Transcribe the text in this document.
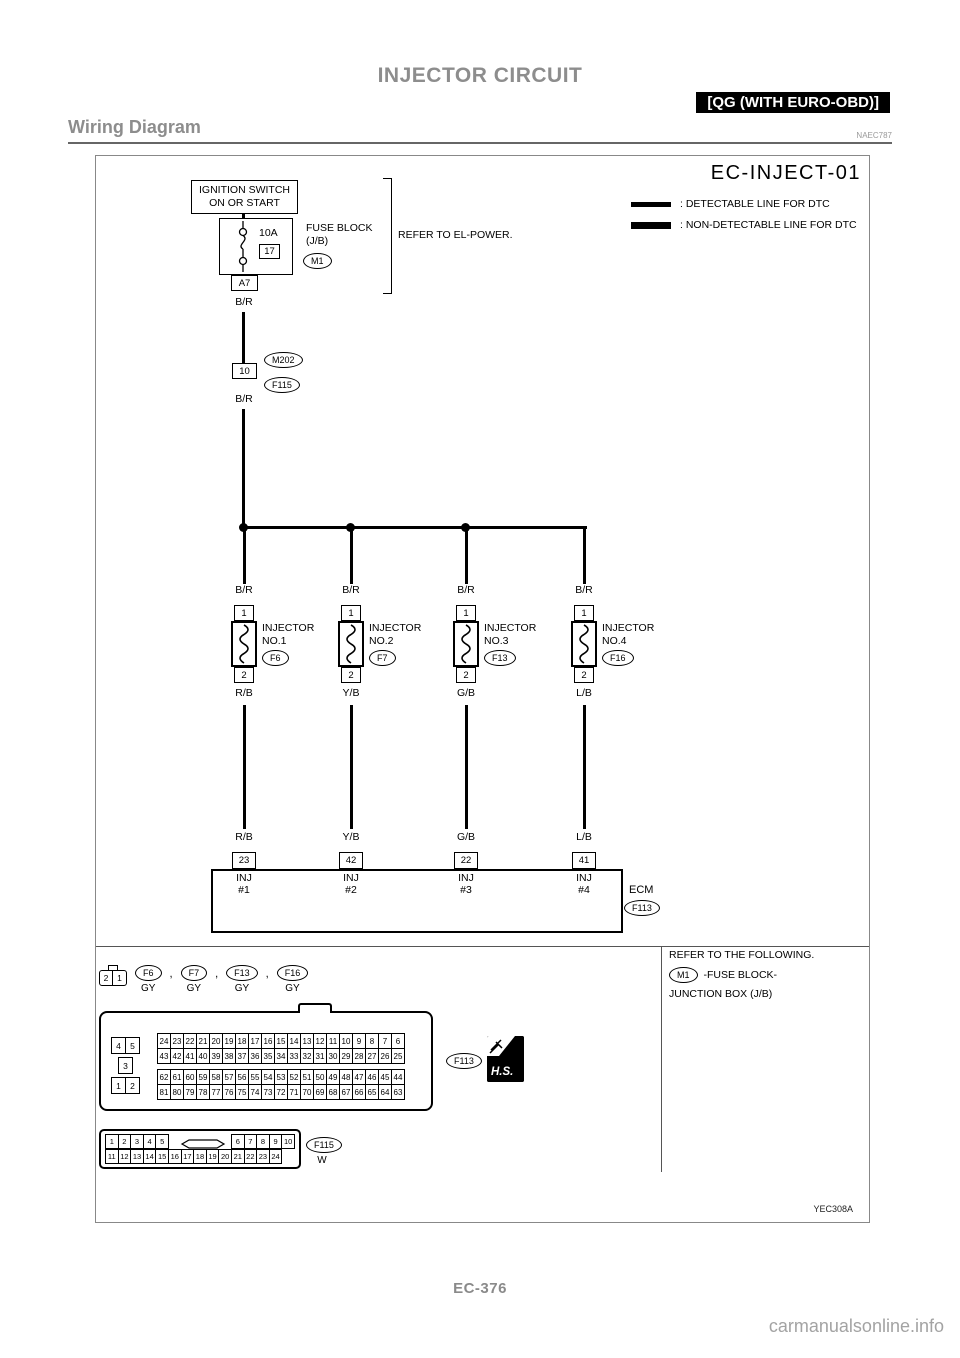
INJECTOR CIRCUIT
[QG (WITH EURO-OBD)]
Wiring Diagram	NAEC787
EC-INJECT-01
: DETECTABLE LINE FOR DTC
: NON-DETECTABLE LINE FOR DTC
IGNITION SWITCH
ON OR START
10A
17
FUSE BLOCK
(J/B)
M1
REFER TO EL-POWER.
A7
B/R
10
M202
F115
B/R
ECM
F113
B/R
1
INJECTOR
NO.1
F6
2
R/B
R/B
23
INJ
#1
B/R
1
INJECTOR
NO.2
F7
2
Y/B
Y/B
42
INJ
#2
B/R
1
INJECTOR
NO.3
F13
2
G/B
G/B
22
INJ
#3
B/R
1
INJECTOR
NO.4
F16
2
L/B
L/B
41
INJ
#4
2	1	F6
GY
,	F7
GY
,	F13
GY
,	F16
GY
REFER TO THE FOLLOWING.
M1	-FUSE BLOCK-
JUNCTION BOX (J/B)
4	5
3
1	2
24 23 22 21 20 19 18 17 16 15 14 13 12 11 10 9	8	7	6
43 42 41 40 39 38 37 36 35 34 33 32 31 30 29 28 27 26 25
62 61 60 59 58 57 56 55 54 53 52 51 50 49 48 47 46 45 44
81 80 79 78 77 76 75 74 73 72 71 70 69 68 67 66 65 64 63
F113
H.S.
1	2	3	4	5	6	7	8	9 10
11 12 13 14 15 16 17 18 19 20 21 22 23 24
F115
W
YEC308A
EC-376
carmanualsonline.info
